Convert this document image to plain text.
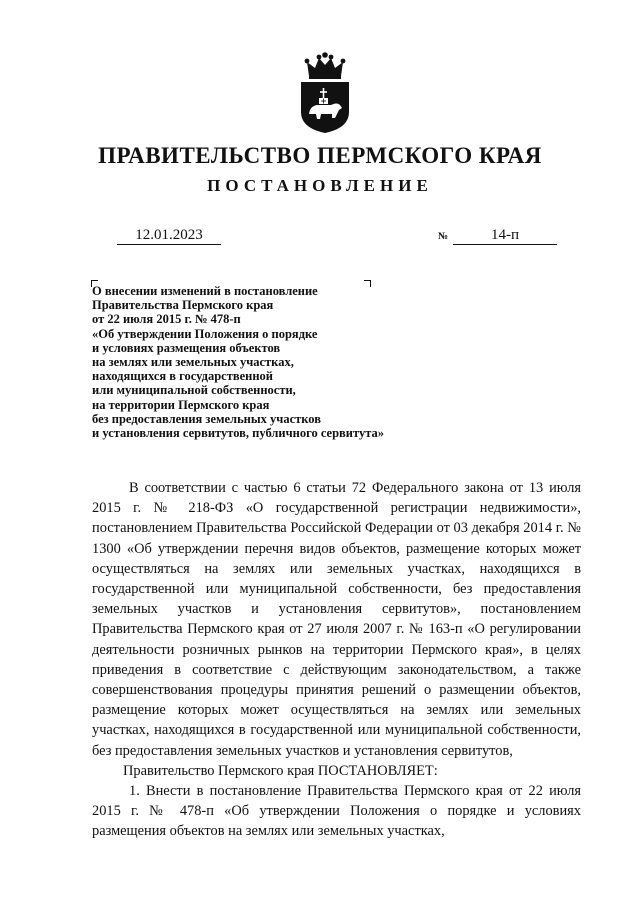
ПРАВИТЕЛЬСТВО ПЕРМСКОГО КРАЯ
ПОСТАНОВЛЕНИЕ
12.01.2023	№	14-п
О внесении изменений в постановление
Правительства Пермского края
от 22 июля 2015 г. № 478-п
«Об утверждении Положения о порядке
и условиях размещения объектов
на землях или земельных участках,
находящихся в государственной
или муниципальной собственности,
на территории Пермского края
без предоставления земельных участков
и установления сервитутов, публичного сервитута»

В соответствии с частью 6 статьи 72 Федерального закона от 13 июля 2015 г. № 218-ФЗ «О государственной регистрации недвижимости», постановлением Правительства Российской Федерации от 03 декабря 2014 г. № 1300 «Об утверждении перечня видов объектов, размещение которых может осуществляться на землях или земельных участках, находящихся в государственной или муниципальной собственности, без предоставления земельных участков и установления сервитутов», постановлением Правительства Пермского края от 27 июля 2007 г. № 163-п «О регулировании деятельности розничных рынков на территории Пермского края», в целях приведения в соответствие с действующим законодательством, а также совершенствования процедуры принятия решений о размещении объектов, размещение которых может осуществляться на землях или земельных участках, находящихся в государственной или муниципальной собственности, без предоставления земельных участков и установления сервитутов,

Правительство Пермского края ПОСТАНОВЛЯЕТ:

1. Внести в постановление Правительства Пермского края от 22 июля 2015 г. № 478-п «Об утверждении Положения о порядке и условиях размещения объектов на землях или земельных участках,
